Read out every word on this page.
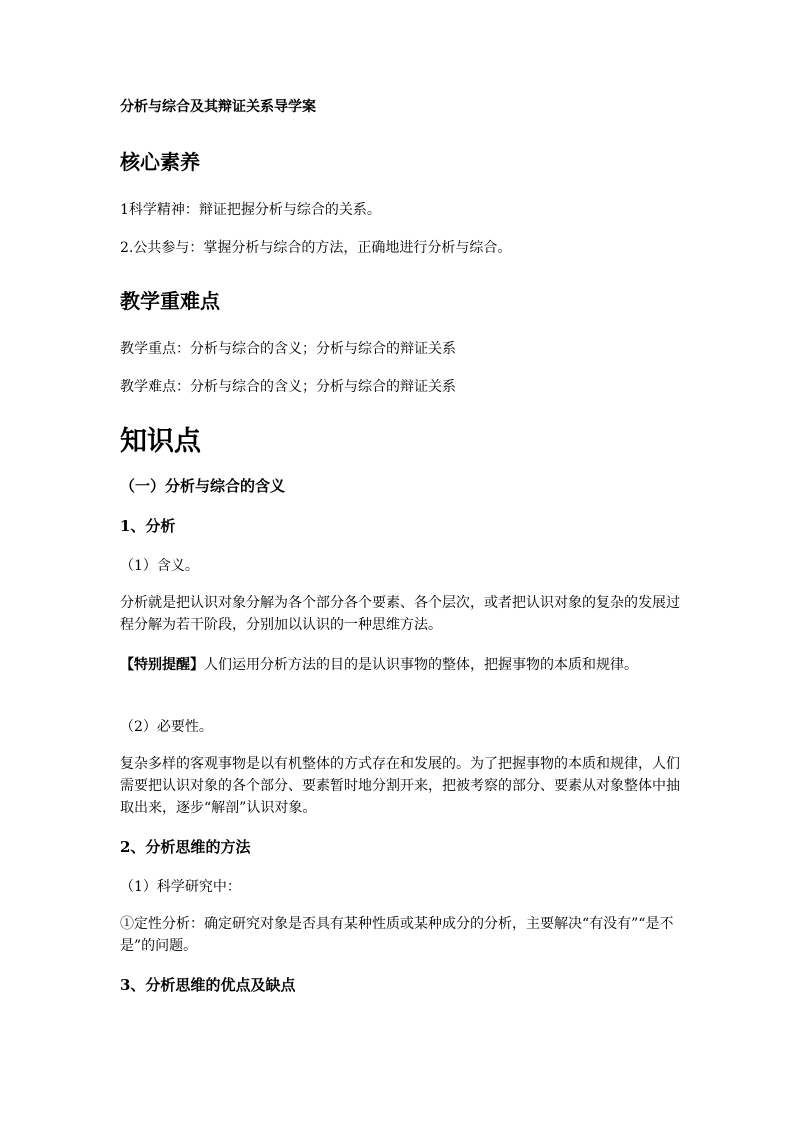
分析与综合及其辩证关系导学案

核心素养

1科学精神：辩证把握分析与综合的关系。

2.公共参与：掌握分析与综合的方法，正确地进行分析与综合。

教学重难点

教学重点：分析与综合的含义；分析与综合的辩证关系

教学难点：分析与综合的含义；分析与综合的辩证关系

知识点

（一）分析与综合的含义

1、分析

（1）含义。

分析就是把认识对象分解为各个部分各个要素、各个层次，或者把认识对象的复杂的发展过程分解为若干阶段，分别加以认识的一种思维方法。

【特别提醒】人们运用分析方法的目的是认识事物的整体，把握事物的本质和规律。

（2）必要性。

复杂多样的客观事物是以有机整体的方式存在和发展的。为了把握事物的本质和规律，人们需要把认识对象的各个部分、要素暂时地分割开来，把被考察的部分、要素从对象整体中抽取出来，逐步“解剖”认识对象。

2、分析思维的方法

（1）科学研究中：

①定性分析：确定研究对象是否具有某种性质或某种成分的分析，主要解决“有没有”“是不是”的问题。

3、分析思维的优点及缺点
